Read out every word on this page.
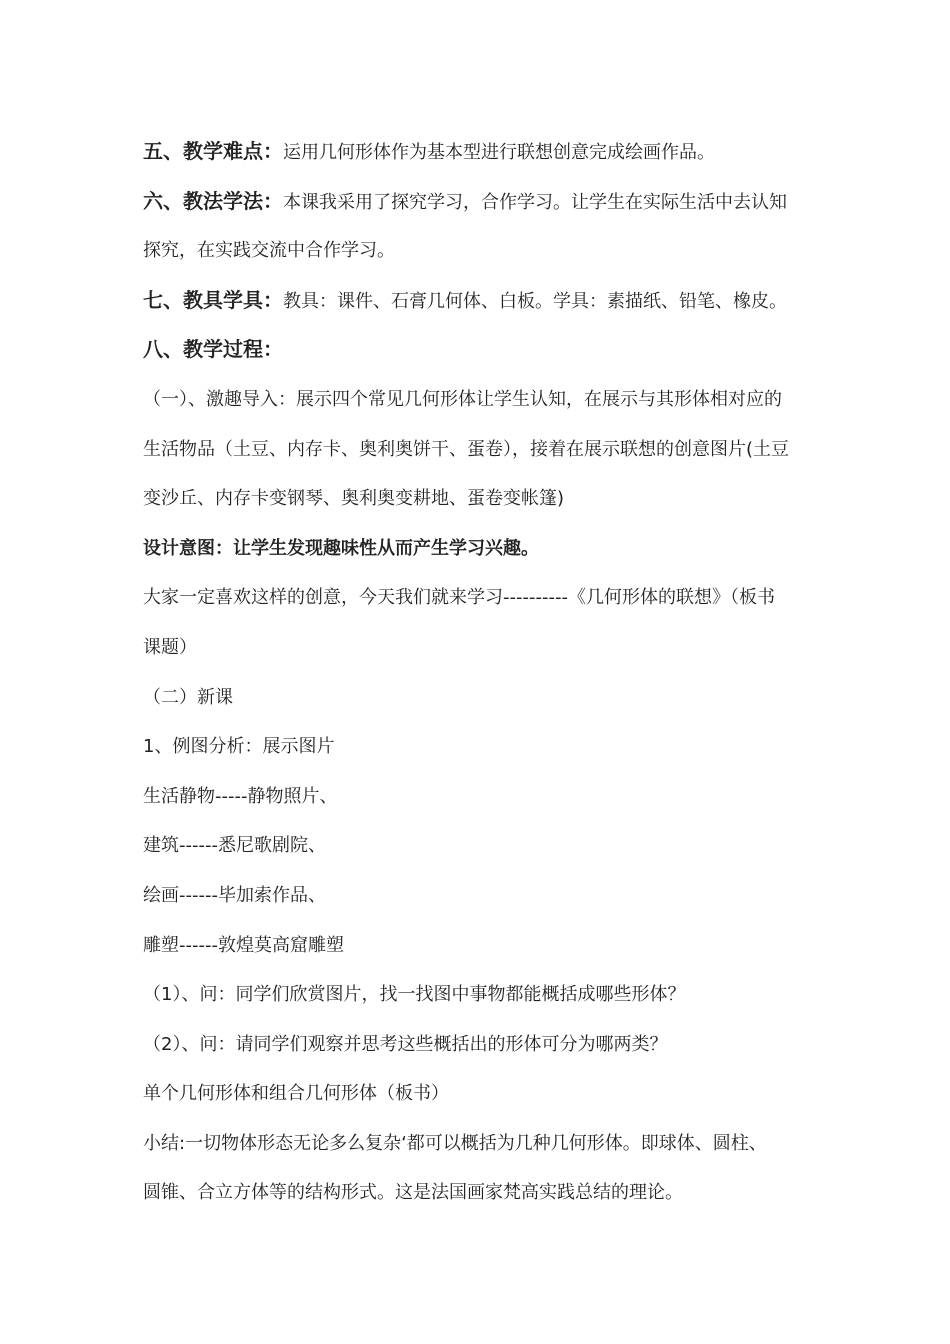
五、教学难点：运用几何形体作为基本型进行联想创意完成绘画作品。
六、教法学法：本课我采用了探究学习，合作学习。让学生在实际生活中去认知
探究，在实践交流中合作学习。
七、教具学具：教具：课件、石膏几何体、白板。学具：素描纸、铅笔、橡皮。
八、教学过程：
（一）、激趣导入：展示四个常见几何形体让学生认知，在展示与其形体相对应的
生活物品（土豆、内存卡、奥利奥饼干、蛋卷），接着在展示联想的创意图片(土豆
变沙丘、内存卡变钢琴、奥利奥变耕地、蛋卷变帐篷)
设计意图：让学生发现趣味性从而产生学习兴趣。
大家一定喜欢这样的创意，今天我们就来学习----------《几何形体的联想》（板书
课题）
（二）新课
1、例图分析：展示图片
生活静物-----静物照片、
建筑------悉尼歌剧院、
绘画------毕加索作品、
雕塑------敦煌莫高窟雕塑
（1）、问：同学们欣赏图片，找一找图中事物都能概括成哪些形体？
（2）、问：请同学们观察并思考这些概括出的形体可分为哪两类？
单个几何形体和组合几何形体（板书）
小结:一切物体形态无论多么复杂‘都可以概括为几种几何形体。即球体、圆柱、
圆锥、合立方体等的结构形式。这是法国画家梵高实践总结的理论。
